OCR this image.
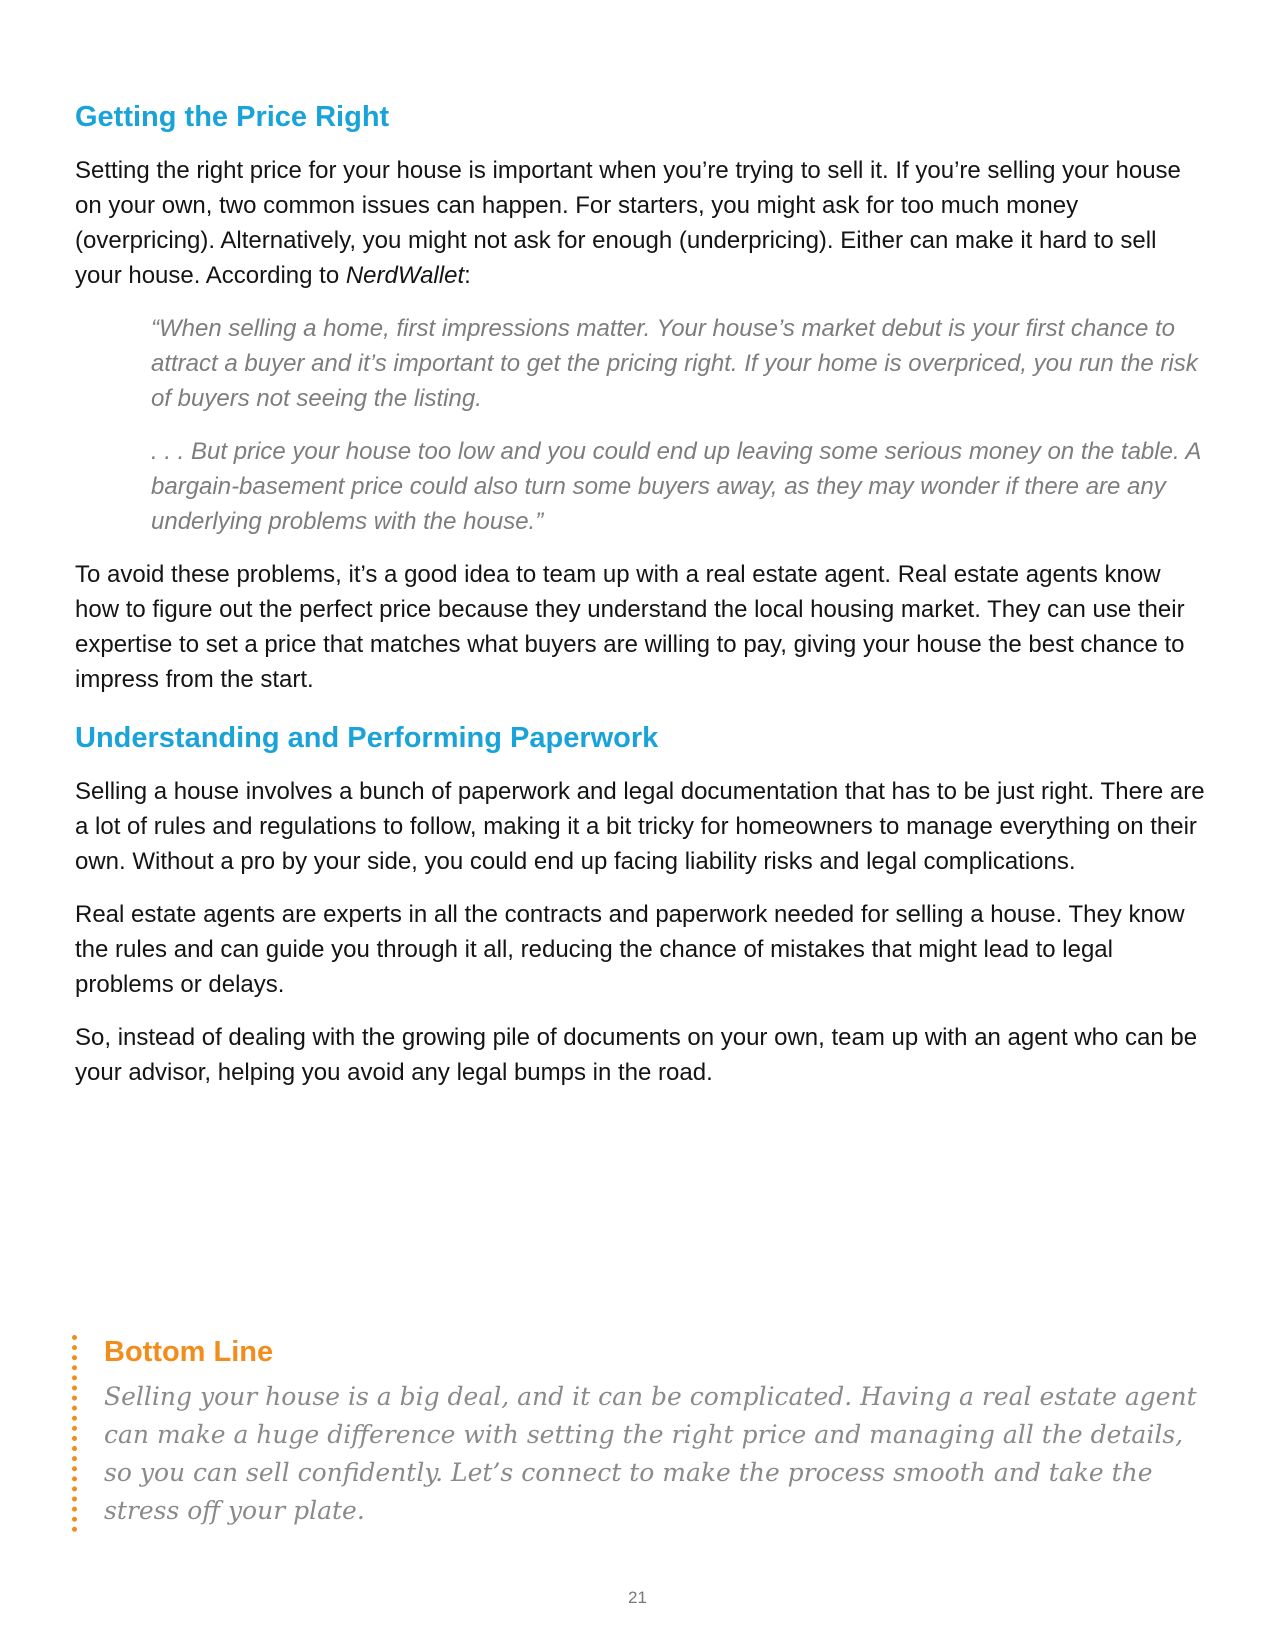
Getting the Price Right

Setting the right price for your house is important when you’re trying to sell it. If you’re selling your house on your own, two common issues can happen. For starters, you might ask for too much money (overpricing). Alternatively, you might not ask for enough (underpricing). Either can make it hard to sell your house. According to NerdWallet:

“When selling a home, first impressions matter. Your house’s market debut is your first chance to attract a buyer and it’s important to get the pricing right. If your home is overpriced, you run the risk of buyers not seeing the listing.

. . . But price your house too low and you could end up leaving some serious money on the table. A bargain-basement price could also turn some buyers away, as they may wonder if there are any underlying problems with the house.”

To avoid these problems, it’s a good idea to team up with a real estate agent. Real estate agents know how to figure out the perfect price because they understand the local housing market. They can use their expertise to set a price that matches what buyers are willing to pay, giving your house the best chance to impress from the start.

Understanding and Performing Paperwork

Selling a house involves a bunch of paperwork and legal documentation that has to be just right. There are a lot of rules and regulations to follow, making it a bit tricky for homeowners to manage everything on their own. Without a pro by your side, you could end up facing liability risks and legal complications.

Real estate agents are experts in all the contracts and paperwork needed for selling a house. They know the rules and can guide you through it all, reducing the chance of mistakes that might lead to legal problems or delays.

So, instead of dealing with the growing pile of documents on your own, team up with an agent who can be your advisor, helping you avoid any legal bumps in the road.

Bottom Line

Selling your house is a big deal, and it can be complicated. Having a real estate agent can make a huge difference with setting the right price and managing all the details, so you can sell confidently. Let’s connect to make the process smooth and take the stress off your plate.

21
